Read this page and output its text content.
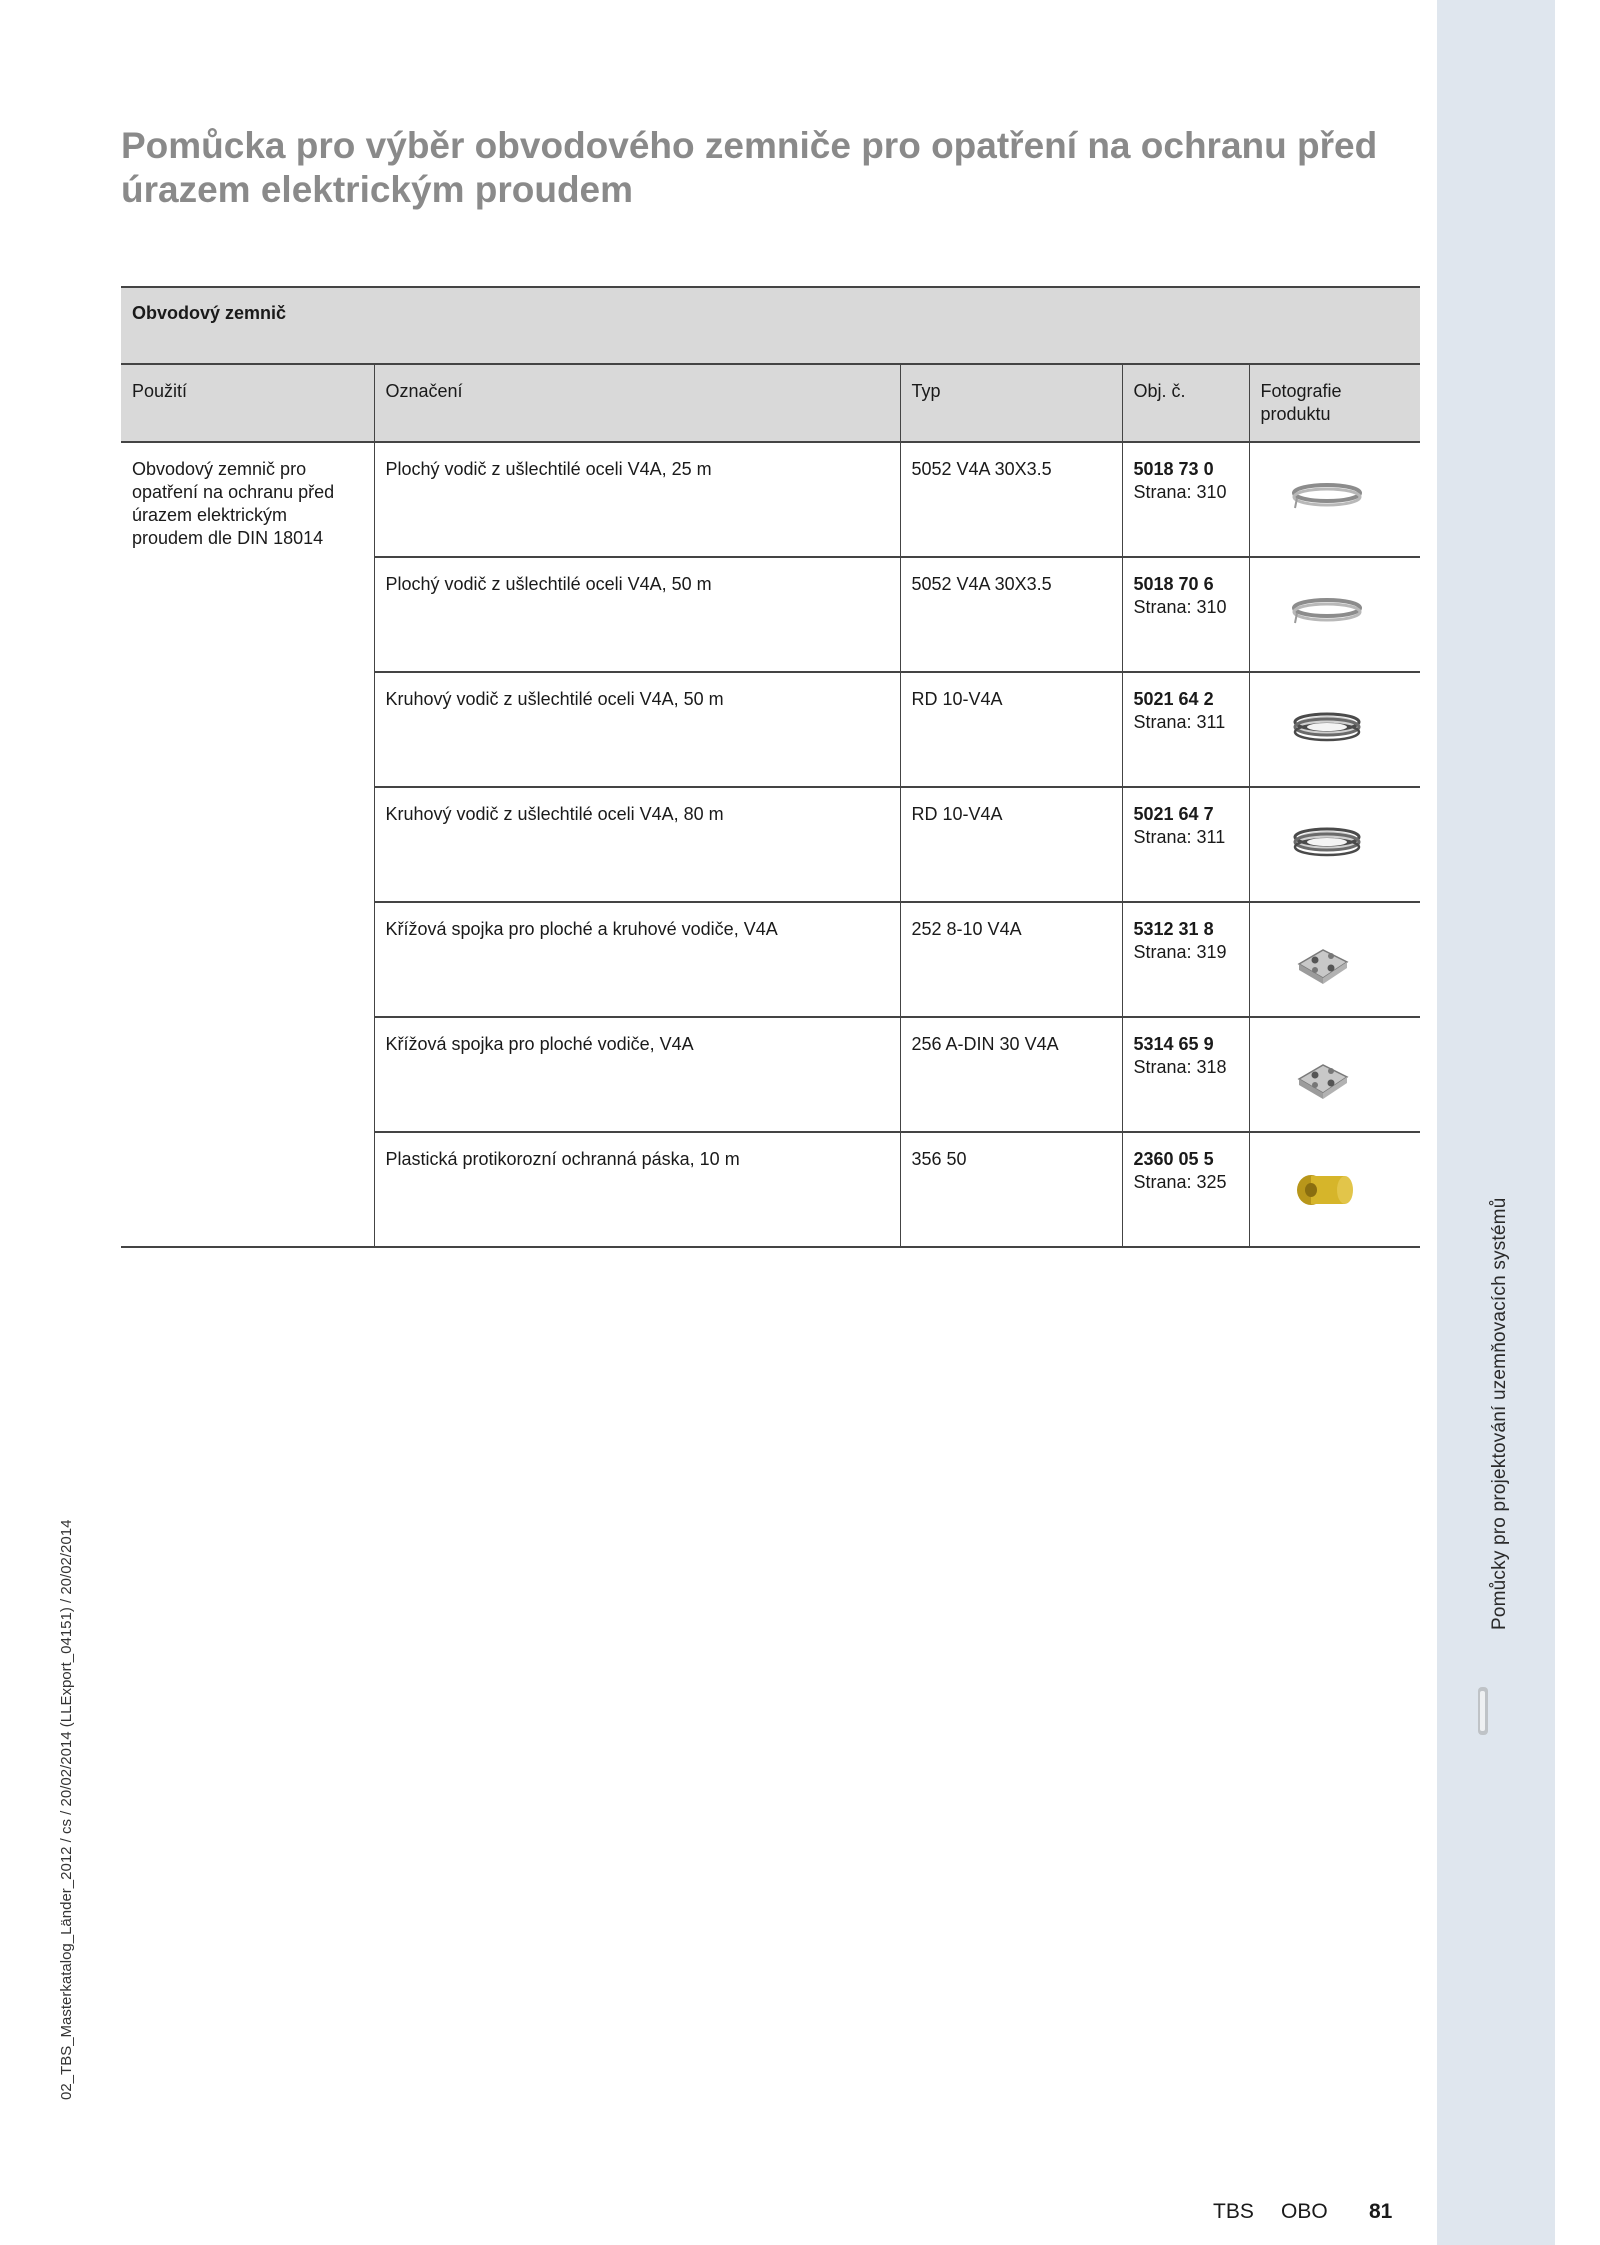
Pomůcky pro projektování uzemňovacích systémů
02_TBS_Masterkatalog_Länder_2012 / cs / 20/02/2014 (LLExport_04151) / 20/02/2014
Pomůcka pro výběr obvodového zemniče pro opatření na ochranu před úrazem elektrickým proudem
Obvodový zemnič				
Použití	Označení	Typ	Obj. č.	Fotografie produktu
Obvodový zemnič pro opatření na ochranu před úrazem elektrickým proudem dle DIN 18014	Plochý vodič z ušlechtilé oceli V4A, 25 m	5052 V4A 30X3.5	5018 73 0
Strana: 310

	Plochý vodič z ušlechtilé oceli V4A, 50 m	5052 V4A 30X3.5	5018 70 6
Strana: 310

	Kruhový vodič z ušlechtilé oceli V4A, 50 m	RD 10-V4A	5021 64 2
Strana: 311

	Kruhový vodič z ušlechtilé oceli V4A, 80 m	RD 10-V4A	5021 64 7
Strana: 311

	Křížová spojka pro ploché a kruhové vodiče, V4A	252 8-10 V4A	5312 31 8
Strana: 319

	Křížová spojka pro ploché vodiče, V4A	256 A-DIN 30 V4A	5314 65 9
Strana: 318

	Plastická protikorozní ochranná páska, 10 m	356 50	2360 05 5
Strana: 325

TBS OBO 81
